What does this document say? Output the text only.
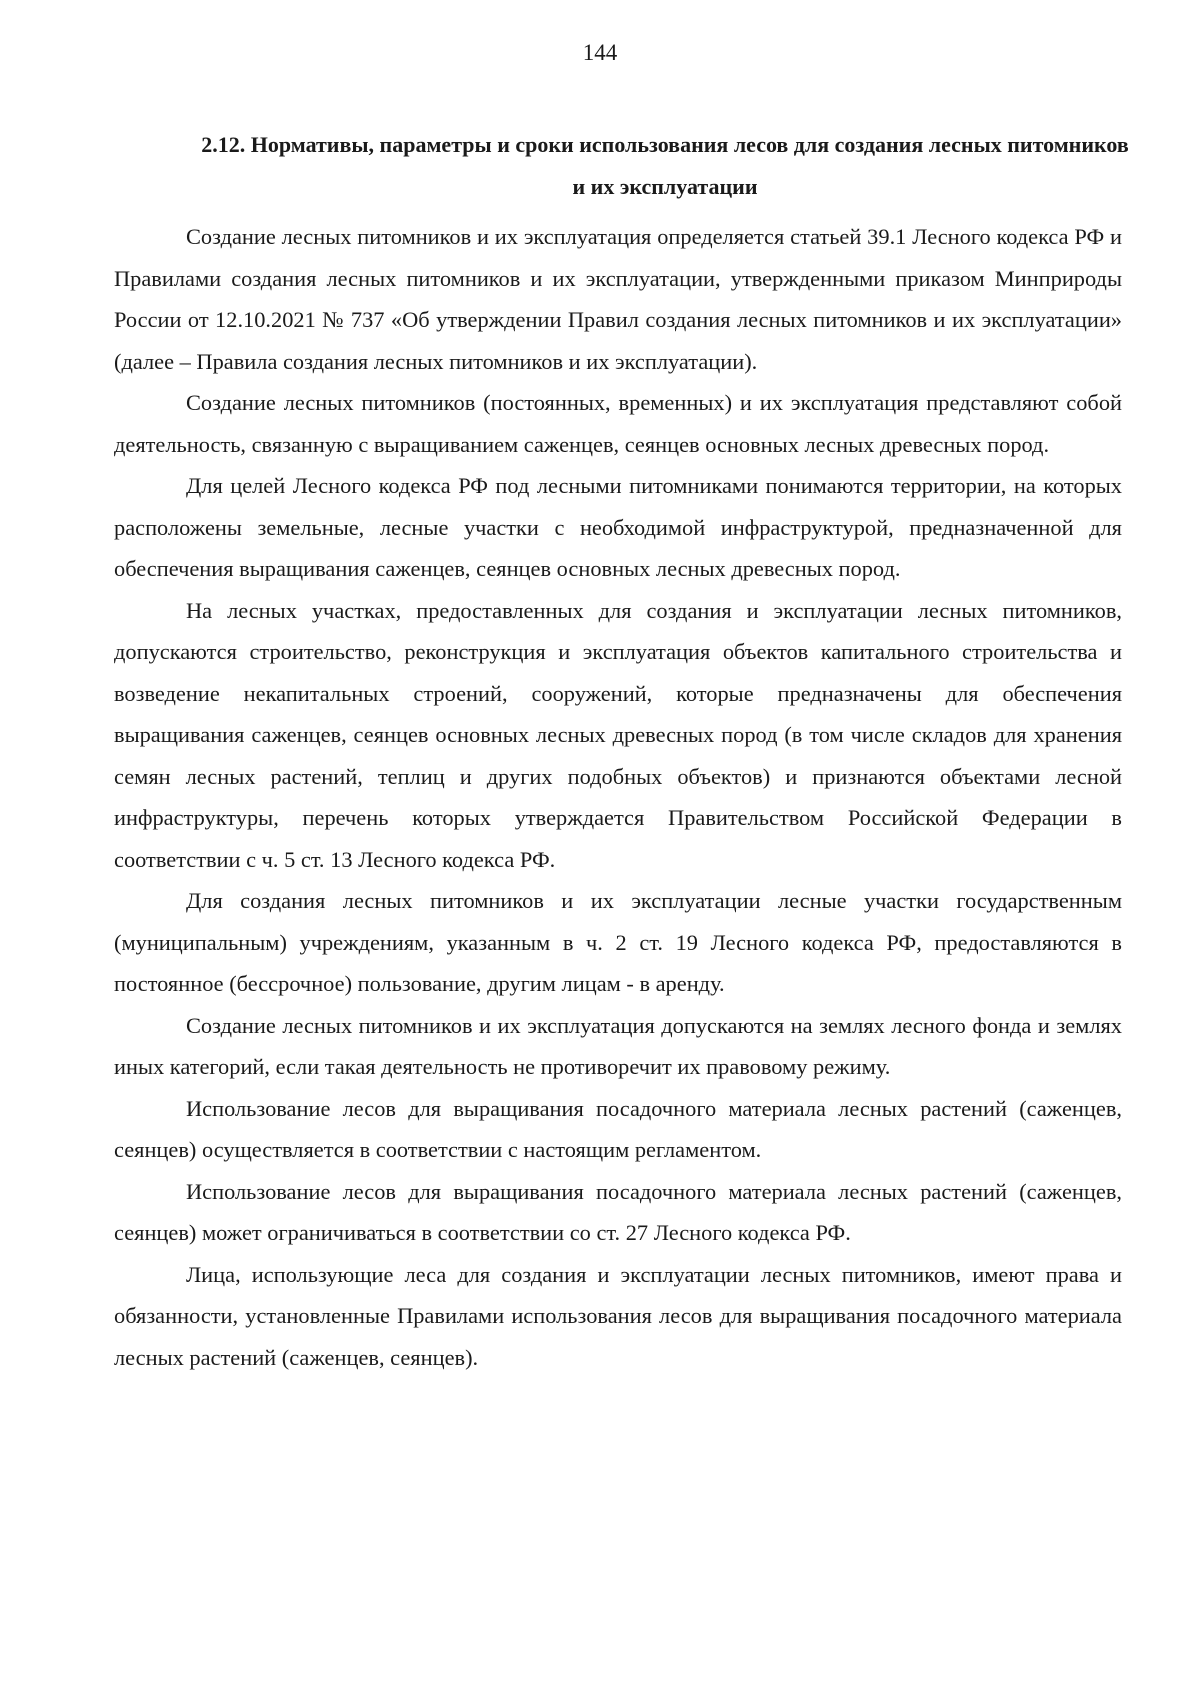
144
2.12. Нормативы, параметры и сроки использования лесов для создания лесных питомников и их эксплуатации

Создание лесных питомников и их эксплуатация определяется статьей 39.1 Лесного кодекса РФ и Правилами создания лесных питомников и их эксплуатации, утвержденными приказом Минприроды России от 12.10.2021 № 737 «Об утверждении Правил создания лесных питомников и их эксплуатации» (далее – Правила создания лесных питомников и их эксплуатации).

Создание лесных питомников (постоянных, временных) и их эксплуатация представляют собой деятельность, связанную с выращиванием саженцев, сеянцев основных лесных древесных пород.

Для целей Лесного кодекса РФ под лесными питомниками понимаются территории, на которых расположены земельные, лесные участки с необходимой инфраструктурой, предназначенной для обеспечения выращивания саженцев, сеянцев основных лесных древесных пород.

На лесных участках, предоставленных для создания и эксплуатации лесных питомников, допускаются строительство, реконструкция и эксплуатация объектов капитального строительства и возведение некапитальных строений, сооружений, которые предназначены для обеспечения выращивания саженцев, сеянцев основных лесных древесных пород (в том числе складов для хранения семян лесных растений, теплиц и других подобных объектов) и признаются объектами лесной инфраструктуры, перечень которых утверждается Правительством Российской Федерации в соответствии с ч. 5 ст. 13 Лесного кодекса РФ.

Для создания лесных питомников и их эксплуатации лесные участки государственным (муниципальным) учреждениям, указанным в ч. 2 ст. 19 Лесного кодекса РФ, предоставляются в постоянное (бессрочное) пользование, другим лицам - в аренду.

Создание лесных питомников и их эксплуатация допускаются на землях лесного фонда и землях иных категорий, если такая деятельность не противоречит их правовому режиму.

Использование лесов для выращивания посадочного материала лесных растений (саженцев, сеянцев) осуществляется в соответствии с настоящим регламентом.

Использование лесов для выращивания посадочного материала лесных растений (саженцев, сеянцев) может ограничиваться в соответствии со ст. 27 Лесного кодекса РФ.

Лица, использующие леса для создания и эксплуатации лесных питомников, имеют права и обязанности, установленные Правилами использования лесов для выращивания посадочного материала лесных растений (саженцев, сеянцев).
